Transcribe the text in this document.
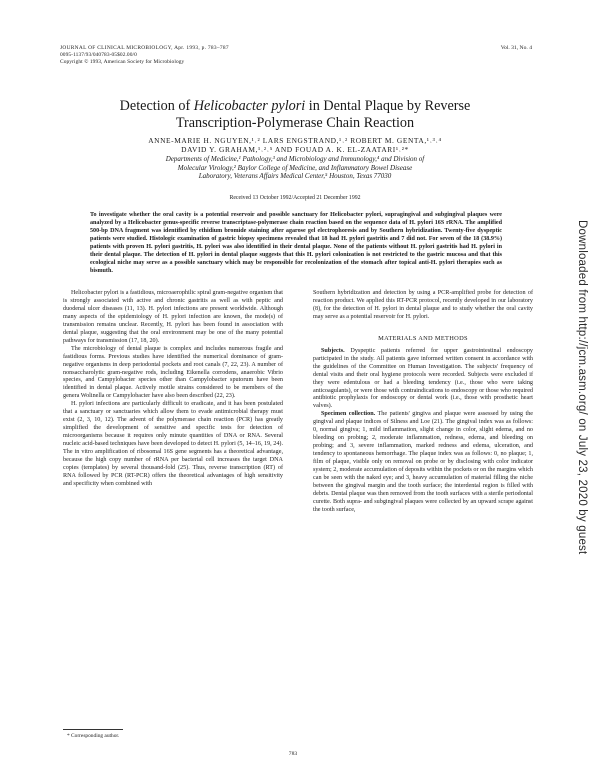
JOURNAL OF CLINICAL MICROBIOLOGY, Apr. 1993, p. 783–787
0095-1137/93/040783-05$02.00/0
Copyright © 1993, American Society for Microbiology
Vol. 31, No. 4
Detection of Helicobacter pylori in Dental Plaque by Reverse
Transcription-Polymerase Chain Reaction
ANNE-MARIE H. NGUYEN,¹˒² LARS ENGSTRAND,¹˒² ROBERT M. GENTA,¹˒³˒⁴
DAVID Y. GRAHAM,¹˒²˒⁵ AND FOUAD A. K. EL-ZAATARI¹˒²*
Departments of Medicine,¹ Pathology,³ and Microbiology and Immunology,⁴ and Division of
Molecular Virology,² Baylor College of Medicine, and Inflammatory Bowel Disease
Laboratory, Veterans Affairs Medical Center,⁵ Houston, Texas 77030
Received 13 October 1992/Accepted 21 December 1992
To investigate whether the oral cavity is a potential reservoir and possible sanctuary for Helicobacter pylori, supragingival and subgingival plaques were analyzed by a Helicobacter genus-specific reverse transcriptase-polymerase chain reaction based on the sequence data of H. pylori 16S rRNA. The amplified 500-bp DNA fragment was identified by ethidium bromide staining after agarose gel electrophoresis and by Southern hybridization. Twenty-five dyspeptic patients were studied. Histologic examination of gastric biopsy specimens revealed that 18 had H. pylori gastritis and 7 did not. For seven of the 18 (38.9%) patients with proven H. pylori gastritis, H. pylori was also identified in their dental plaque. None of the patients without H. pylori gastritis had H. pylori in their dental plaque. The detection of H. pylori in dental plaque suggests that this H. pylori colonization is not restricted to the gastric mucosa and that this ecological niche may serve as a possible sanctuary which may be responsible for recolonization of the stomach after topical anti-H. pylori therapies such as bismuth.

Helicobacter pylori is a fastidious, microaerophilic spiral gram-negative organism that is strongly associated with active and chronic gastritis as well as with peptic and duodenal ulcer diseases (11, 13). H. pylori infections are present worldwide. Although many aspects of the epidemiology of H. pylori infection are known, the mode(s) of transmission remains unclear. Recently, H. pylori has been found in association with dental plaque, suggesting that the oral environment may be one of the many potential pathways for transmission (17, 18, 20).

The microbiology of dental plaque is complex and includes numerous fragile and fastidious forms. Previous studies have identified the numerical dominance of gram-negative organisms in deep periodontal pockets and root canals (7, 22, 23). A number of nonsaccharolytic gram-negative rods, including Eikenella corrodens, anaerobic Vibrio species, and Campylobacter species other than Campylobacter sputorum have been identified in dental plaque. Actively motile strains considered to be members of the genera Wolinella or Campylobacter have also been described (22, 23).

H. pylori infections are particularly difficult to eradicate, and it has been postulated that a sanctuary or sanctuaries which allow them to evade antimicrobial therapy must exist (2, 3, 10, 12). The advent of the polymerase chain reaction (PCR) has greatly simplified the development of sensitive and specific tests for detection of microorganisms because it requires only minute quantities of DNA or RNA. Several nucleic acid-based techniques have been developed to detect H. pylori (5, 14–16, 19, 24). The in vitro amplification of ribosomal 16S gene segments has a theoretical advantage, because the high copy number of rRNA per bacterial cell increases the target DNA copies (templates) by several thousand-fold (25). Thus, reverse transcription (RT) of RNA followed by PCR (RT-PCR) offers the theoretical advantages of high sensitivity and specificity when combined with

Southern hybridization and detection by using a PCR-amplified probe for detection of reaction product. We applied this RT-PCR protocol, recently developed in our laboratory (8), for the detection of H. pylori in dental plaque and to study whether the oral cavity may serve as a potential reservoir for H. pylori.

MATERIALS AND METHODS

Subjects. Dyspeptic patients referred for upper gastrointestinal endoscopy participated in the study. All patients gave informed written consent in accordance with the guidelines of the Committee on Human Investigation. The subjects' frequency of dental visits and their oral hygiene protocols were recorded. Subjects were excluded if they were edentulous or had a bleeding tendency (i.e., those who were taking anticoagulants), or were those with contraindications to endoscopy or those who required antibiotic prophylaxis for endoscopy or dental work (i.e., those with prosthetic heart valves).

Specimen collection. The patients' gingiva and plaque were assessed by using the gingival and plaque indices of Silness and Loe (21). The gingival index was as follows: 0, normal gingiva; 1, mild inflammation, slight change in color, slight edema, and no bleeding on probing; 2, moderate inflammation, redness, edema, and bleeding on probing; and 3, severe inflammation, marked redness and edema, ulceration, and tendency to spontaneous hemorrhage. The plaque index was as follows: 0, no plaque; 1, film of plaque, visible only on removal on probe or by disclosing with color indicator system; 2, moderate accumulation of deposits within the pockets or on the margins which can be seen with the naked eye; and 3, heavy accumulation of material filling the niche between the gingival margin and the tooth surface; the interdental region is filled with debris. Dental plaque was then removed from the tooth surfaces with a sterile periodontal curette. Both supra- and subgingival plaques were collected by an upward scrape against the tooth surface,

* Corresponding author.
783
Downloaded from http://jcm.asm.org/ on July 23, 2020 by guest
